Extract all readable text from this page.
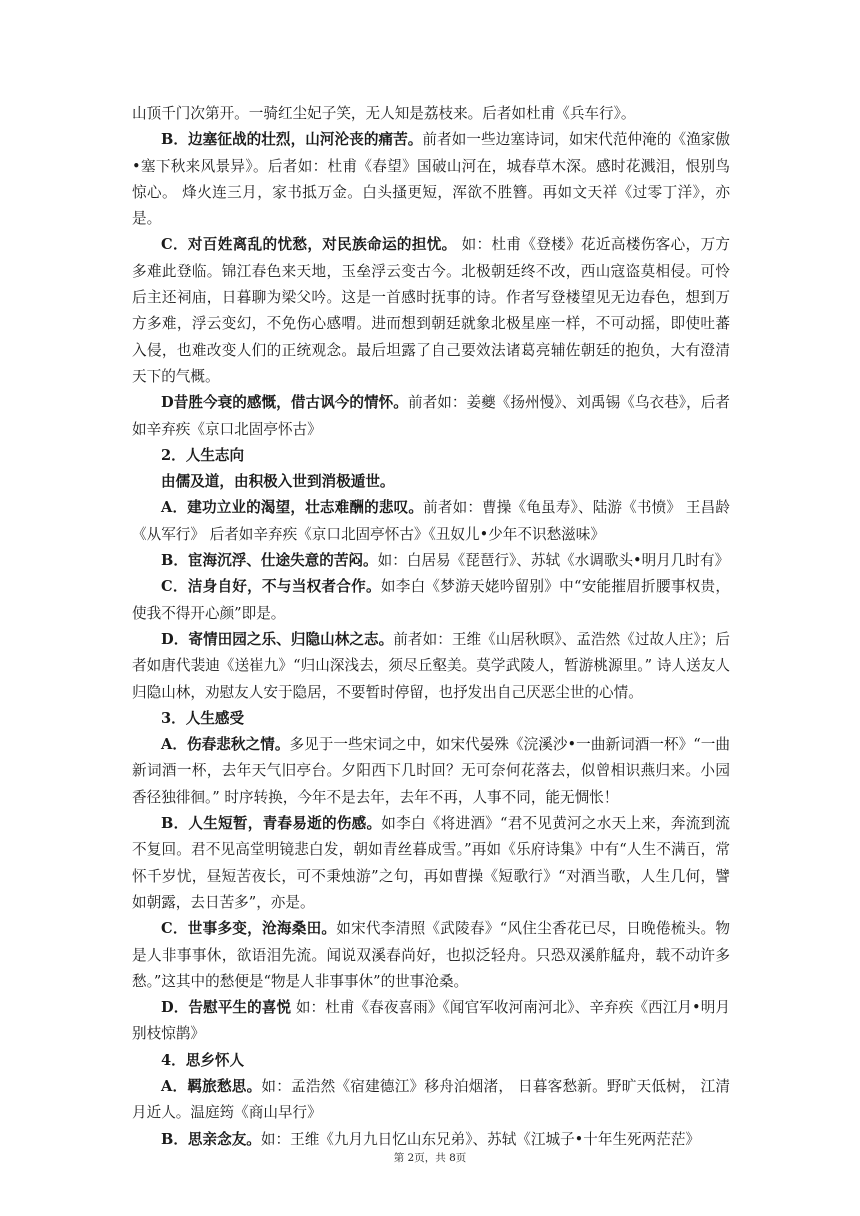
山顶千门次第开。一骑红尘妃子笑，无人知是荔枝来。后者如杜甫《兵车行》。

B．边塞征战的壮烈，山河沦丧的痛苦。前者如一些边塞诗词，如宋代范仲淹的《渔家傲•塞下秋来风景异》。后者如：杜甫《春望》国破山河在，城春草木深。感时花溅泪，恨别鸟惊心。 烽火连三月，家书抵万金。白头搔更短，浑欲不胜簪。再如文天祥《过零丁洋》，亦是。

C．对百姓离乱的忧愁，对民族命运的担忧。 如：杜甫《登楼》花近高楼伤客心，万方多难此登临。锦江春色来天地，玉垒浮云变古今。北极朝廷终不改，西山寇盗莫相侵。可怜后主还祠庙，日暮聊为梁父吟。这是一首感时抚事的诗。作者写登楼望见无边春色，想到万方多难，浮云变幻，不免伤心感喟。进而想到朝廷就象北极星座一样，不可动摇，即使吐蕃入侵，也难改变人们的正统观念。最后坦露了自己要效法诸葛亮辅佐朝廷的抱负，大有澄清天下的气概。

D昔胜今衰的感慨，借古讽今的情怀。前者如：姜夔《扬州慢》、刘禹锡《乌衣巷》，后者如辛弃疾《京口北固亭怀古》

2．人生志向

由儒及道，由积极入世到消极遁世。

A．建功立业的渴望，壮志难酬的悲叹。前者如：曹操《龟虽寿》、陆游《书愤》 王昌龄《从军行》 后者如辛弃疾《京口北固亭怀古》《丑奴儿•少年不识愁滋味》

B．宦海沉浮、仕途失意的苦闷。如：白居易《琵琶行》、苏轼《水调歌头•明月几时有》

C．洁身自好，不与当权者合作。如李白《梦游天姥吟留别》中“安能摧眉折腰事权贵，使我不得开心颜”即是。

D．寄情田园之乐、归隐山林之志。前者如：王维《山居秋暝》、孟浩然《过故人庄》；后者如唐代裴迪《送崔九》“归山深浅去，须尽丘壑美。莫学武陵人，暂游桃源里。” 诗人送友人归隐山林，劝慰友人安于隐居，不要暂时停留，也抒发出自己厌恶尘世的心情。

3．人生感受

A．伤春悲秋之情。多见于一些宋词之中，如宋代晏殊《浣溪沙•一曲新词酒一杯》“一曲新词酒一杯，去年天气旧亭台。夕阳西下几时回？无可奈何花落去，似曾相识燕归来。小园香径独徘徊。” 时序转换，今年不是去年，去年不再，人事不同，能无惆怅！

B．人生短暂，青春易逝的伤感。如李白《将进酒》“君不见黄河之水天上来，奔流到流不复回。君不见高堂明镜悲白发，朝如青丝暮成雪。”再如《乐府诗集》中有“人生不满百，常怀千岁忧，昼短苦夜长，可不秉烛游”之句，再如曹操《短歌行》“对酒当歌，人生几何，譬如朝露，去日苦多”，亦是。

C．世事多变，沧海桑田。如宋代李清照《武陵春》“风住尘香花已尽，日晚倦梳头。物是人非事事休，欲语泪先流。闻说双溪春尚好，也拟泛轻舟。只恐双溪舴艋舟，载不动许多愁。”这其中的愁便是“物是人非事事休”的世事沧桑。

D．告慰平生的喜悦 如：杜甫《春夜喜雨》《闻官军收河南河北》、辛弃疾《西江月•明月别枝惊鹊》

4．思乡怀人

A．羁旅愁思。如：孟浩然《宿建德江》移舟泊烟渚， 日暮客愁新。野旷天低树， 江清月近人。温庭筠《商山早行》

B．思亲念友。如：王维《九月九日忆山东兄弟》、苏轼《江城子•十年生死两茫茫》

第 2页，共 8页
